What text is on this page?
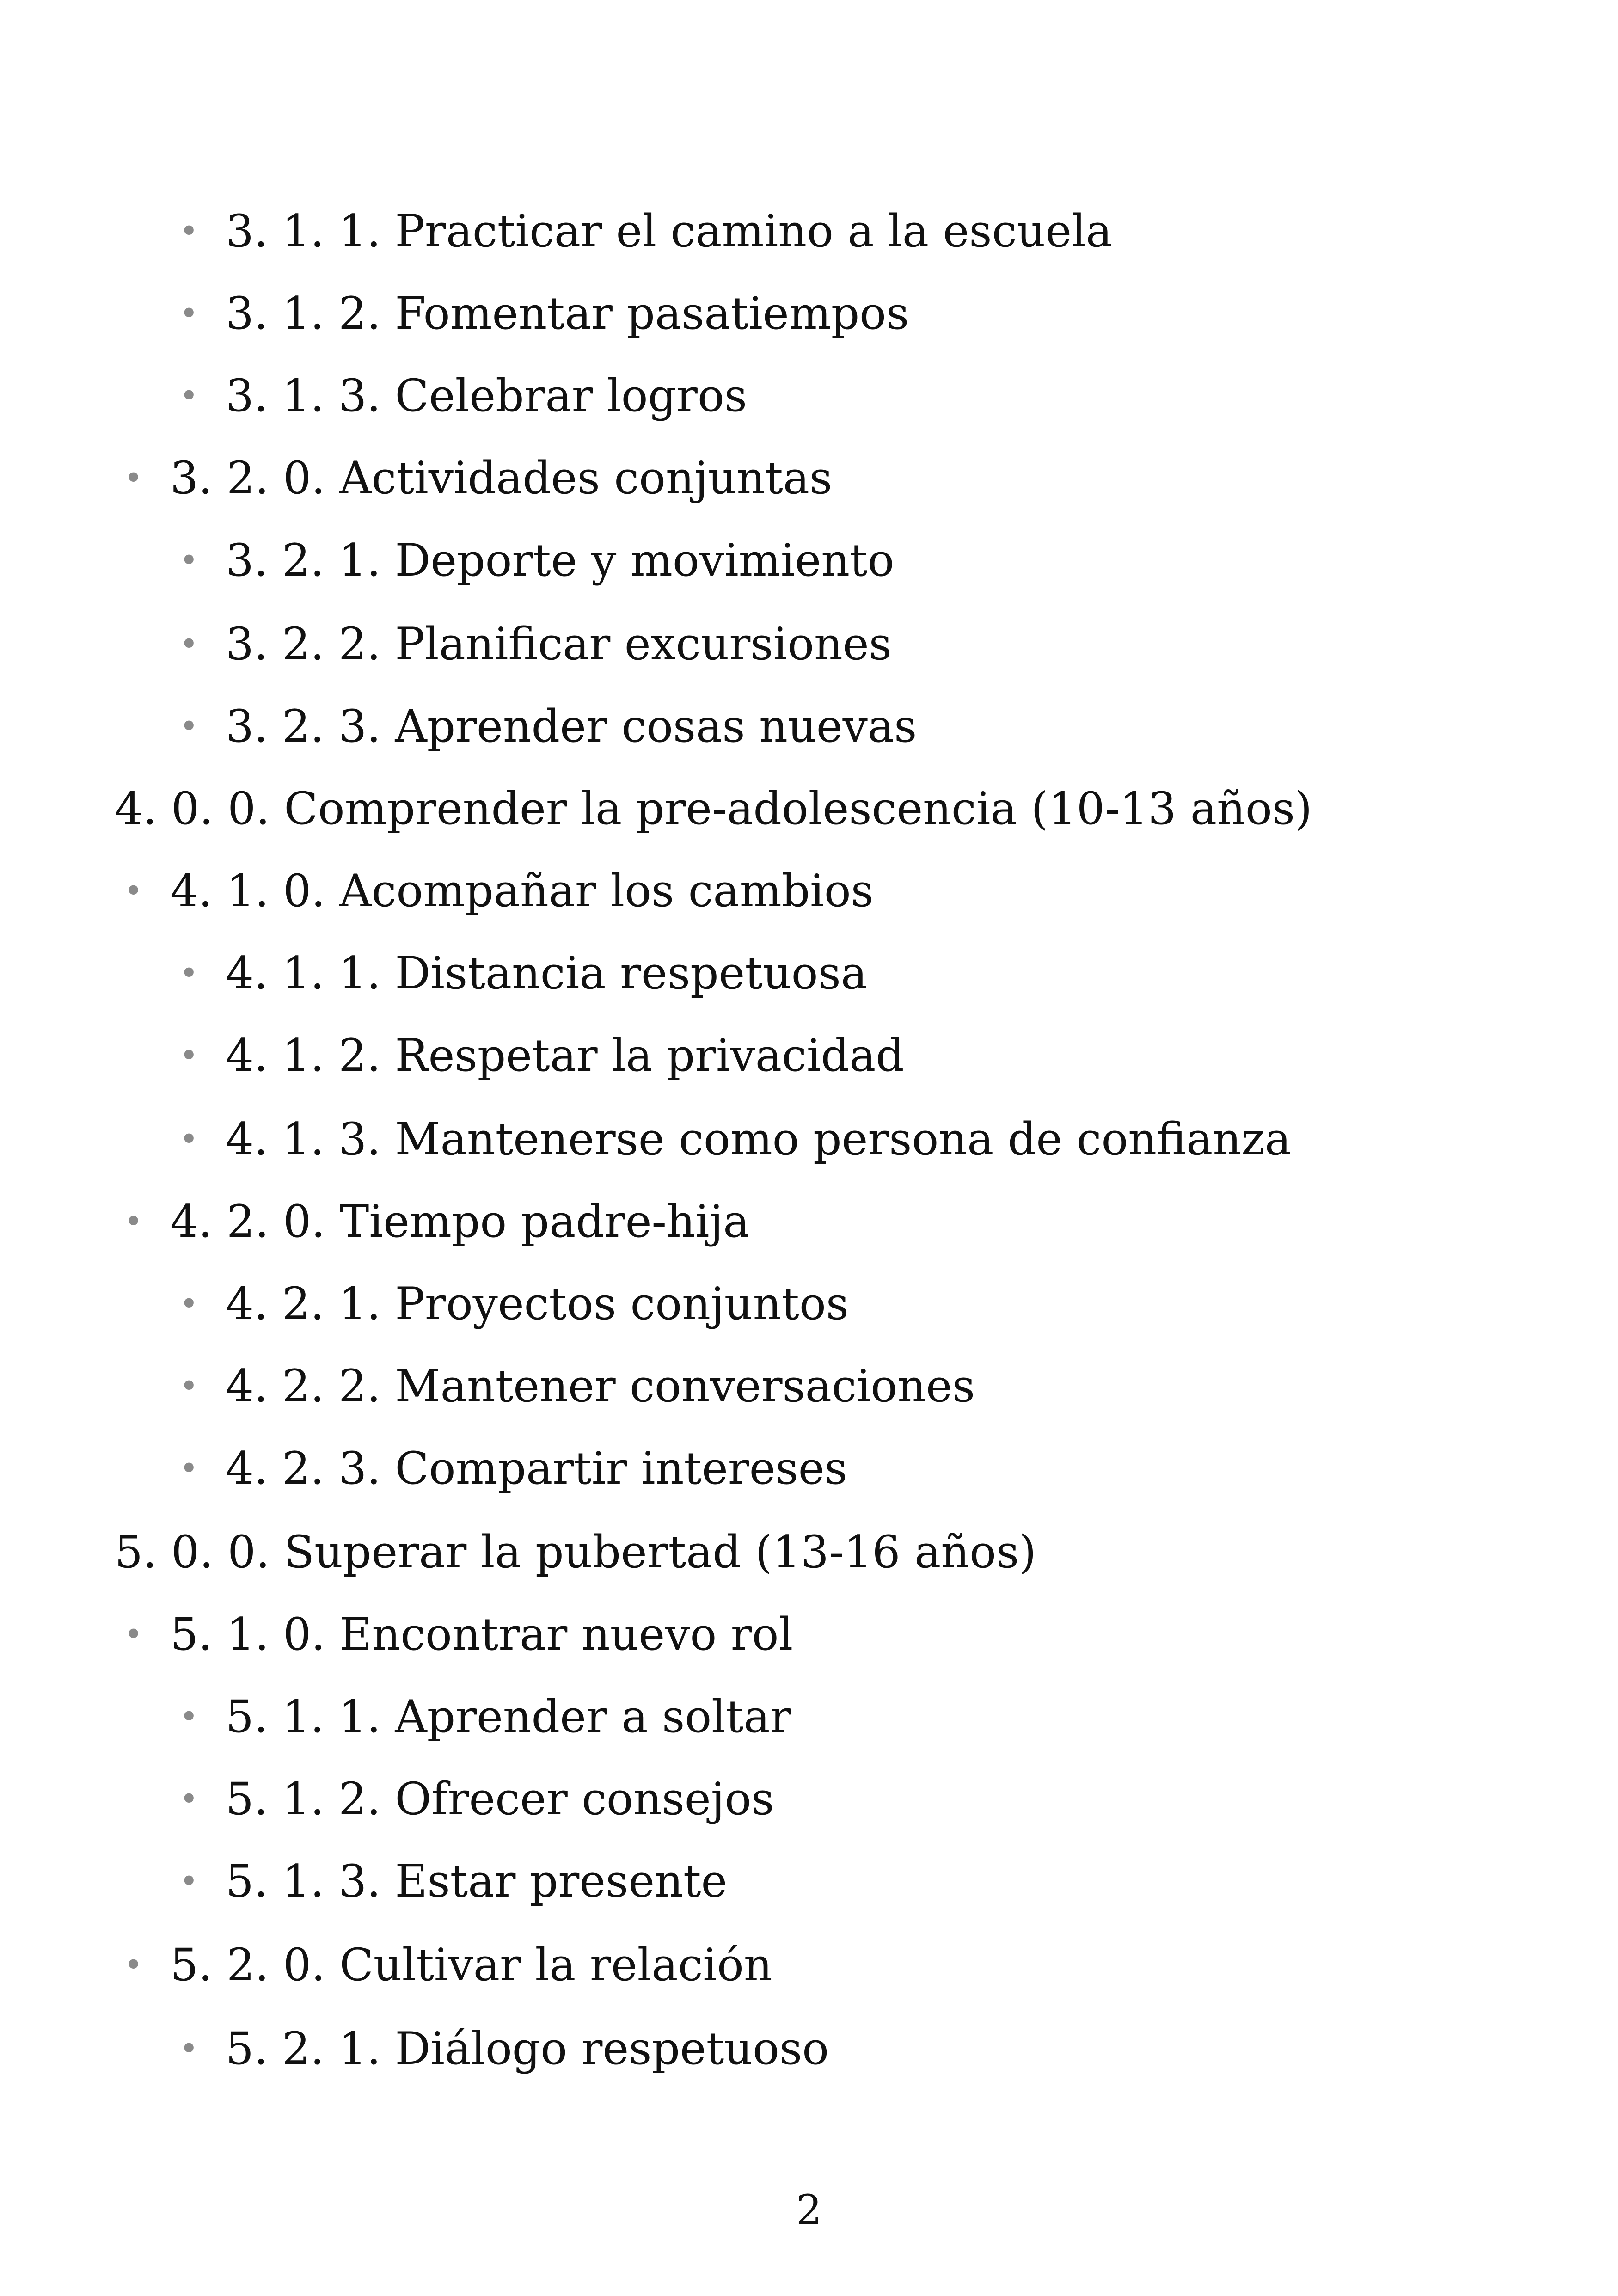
• 3. 1. 1. Practicar el camino a la escuela
• 3. 1. 2. Fomentar pasatiempos
• 3. 1. 3. Celebrar logros
• 3. 2. 0. Actividades conjuntas
• 3. 2. 1. Deporte y movimiento
• 3. 2. 2. Planificar excursiones
• 3. 2. 3. Aprender cosas nuevas
4. 0. 0. Comprender la pre-adolescencia (10-13 años)
• 4. 1. 0. Acompañar los cambios
• 4. 1. 1. Distancia respetuosa
• 4. 1. 2. Respetar la privacidad
• 4. 1. 3. Mantenerse como persona de confianza
• 4. 2. 0. Tiempo padre-hija
• 4. 2. 1. Proyectos conjuntos
• 4. 2. 2. Mantener conversaciones
• 4. 2. 3. Compartir intereses
5. 0. 0. Superar la pubertad (13-16 años)
• 5. 1. 0. Encontrar nuevo rol
• 5. 1. 1. Aprender a soltar
• 5. 1. 2. Ofrecer consejos
• 5. 1. 3. Estar presente
• 5. 2. 0. Cultivar la relación
• 5. 2. 1. Diálogo respetuoso
2
